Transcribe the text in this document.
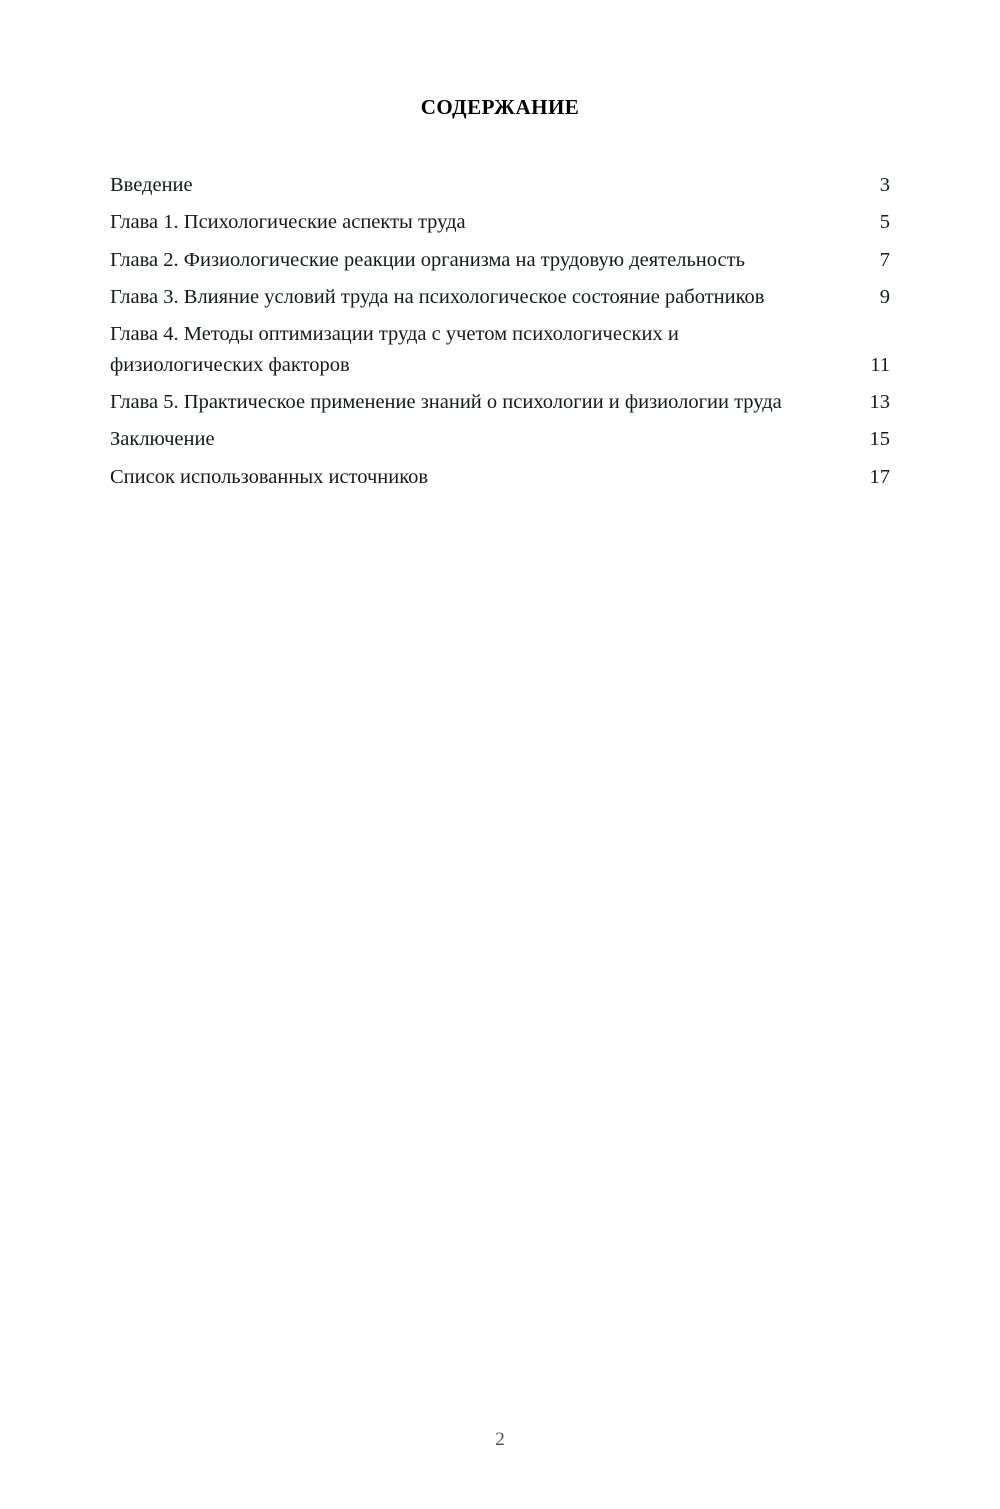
СОДЕРЖАНИЕ
Введение	3
Глава 1. Психологические аспекты труда	5
Глава 2. Физиологические реакции организма на трудовую деятельность	7
Глава 3. Влияние условий труда на психологическое состояние работников	9
Глава 4. Методы оптимизации труда с учетом психологических и физиологических факторов	11
Глава 5. Практическое применение знаний о психологии и физиологии труда	13
Заключение	15
Список использованных источников	17
2
